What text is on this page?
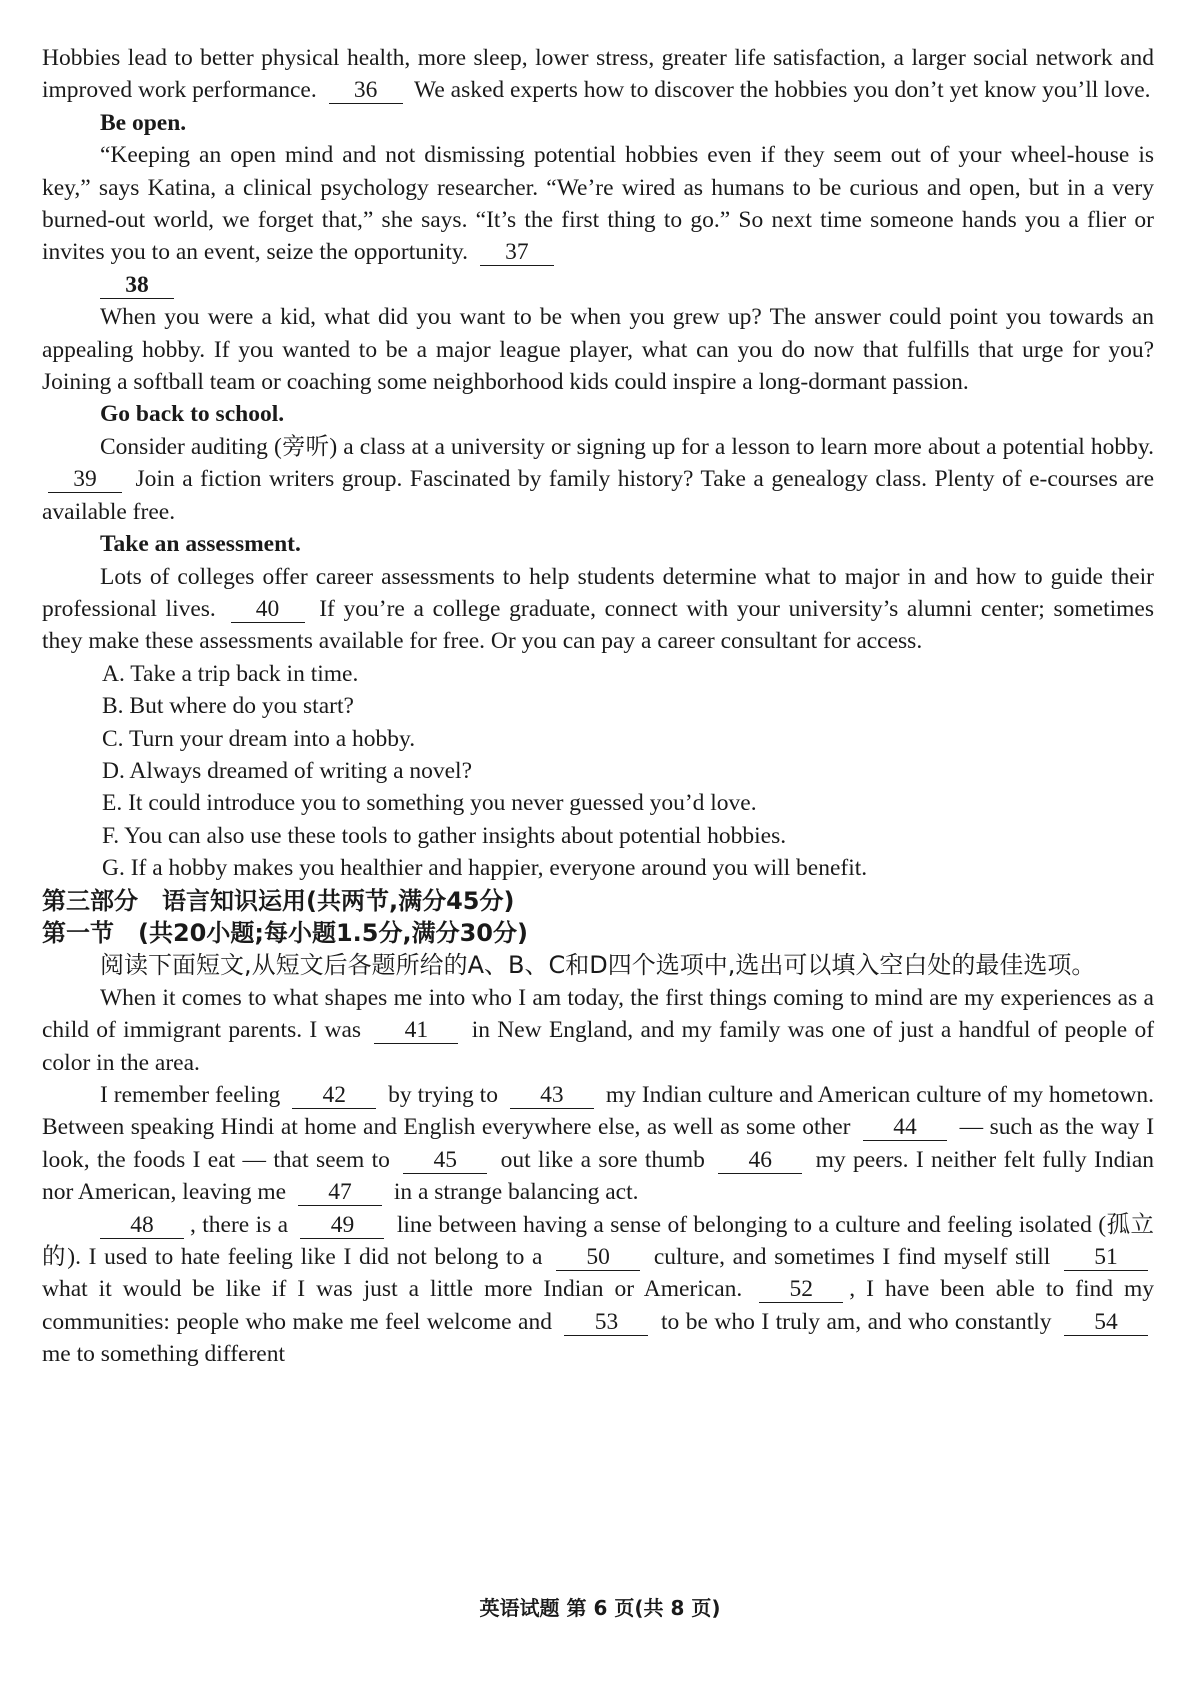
Hobbies lead to better physical health, more sleep, lower stress, greater life satisfaction, a larger social network and improved work performance. 36 We asked experts how to discover the hobbies you don’t yet know you’ll love.

Be open.

“Keeping an open mind and not dismissing potential hobbies even if they seem out of your wheel-house is key,” says Katina, a clinical psychology researcher. “We’re wired as humans to be curious and open, but in a very burned-out world, we forget that,” she says. “It’s the first thing to go.” So next time someone hands you a flier or invites you to an event, seize the opportunity. 37

38

When you were a kid, what did you want to be when you grew up? The answer could point you towards an appealing hobby. If you wanted to be a major league player, what can you do now that fulfills that urge for you? Joining a softball team or coaching some neighborhood kids could inspire a long-dormant passion.

Go back to school.

Consider auditing (旁听) a class at a university or signing up for a lesson to learn more about a potential hobby. 39 Join a fiction writers group. Fascinated by family history? Take a genealogy class. Plenty of e-courses are available free.

Take an assessment.

Lots of colleges offer career assessments to help students determine what to major in and how to guide their professional lives. 40 If you’re a college graduate, connect with your university’s alumni center; sometimes they make these assessments available for free. Or you can pay a career consultant for access.

A. Take a trip back in time.

B. But where do you start?

C. Turn your dream into a hobby.

D. Always dreamed of writing a novel?

E. It could introduce you to something you never guessed you’d love.

F. You can also use these tools to gather insights about potential hobbies.

G. If a hobby makes you healthier and happier, everyone around you will benefit.

第三部分　语言知识运用(共两节,满分45分)

第一节　(共20小题;每小题1.5分,满分30分)

阅读下面短文,从短文后各题所给的A、B、C和D四个选项中,选出可以填入空白处的最佳选项。

When it comes to what shapes me into who I am today, the first things coming to mind are my experiences as a child of immigrant parents. I was 41 in New England, and my family was one of just a handful of people of color in the area.

I remember feeling 42 by trying to 43 my Indian culture and American culture of my hometown. Between speaking Hindi at home and English everywhere else, as well as some other 44 — such as the way I look, the foods I eat — that seem to 45 out like a sore thumb 46 my peers. I neither felt fully Indian nor American, leaving me 47 in a strange balancing act.

48 , there is a 49 line between having a sense of belonging to a culture and feeling isolated (孤立的). I used to hate feeling like I did not belong to a 50 culture, and sometimes I find myself still 51 what it would be like if I was just a little more Indian or American. 52 , I have been able to find my communities: people who make me feel welcome and 53 to be who I truly am, and who constantly 54 me to something different

英语试题 第 6 页(共 8 页)
